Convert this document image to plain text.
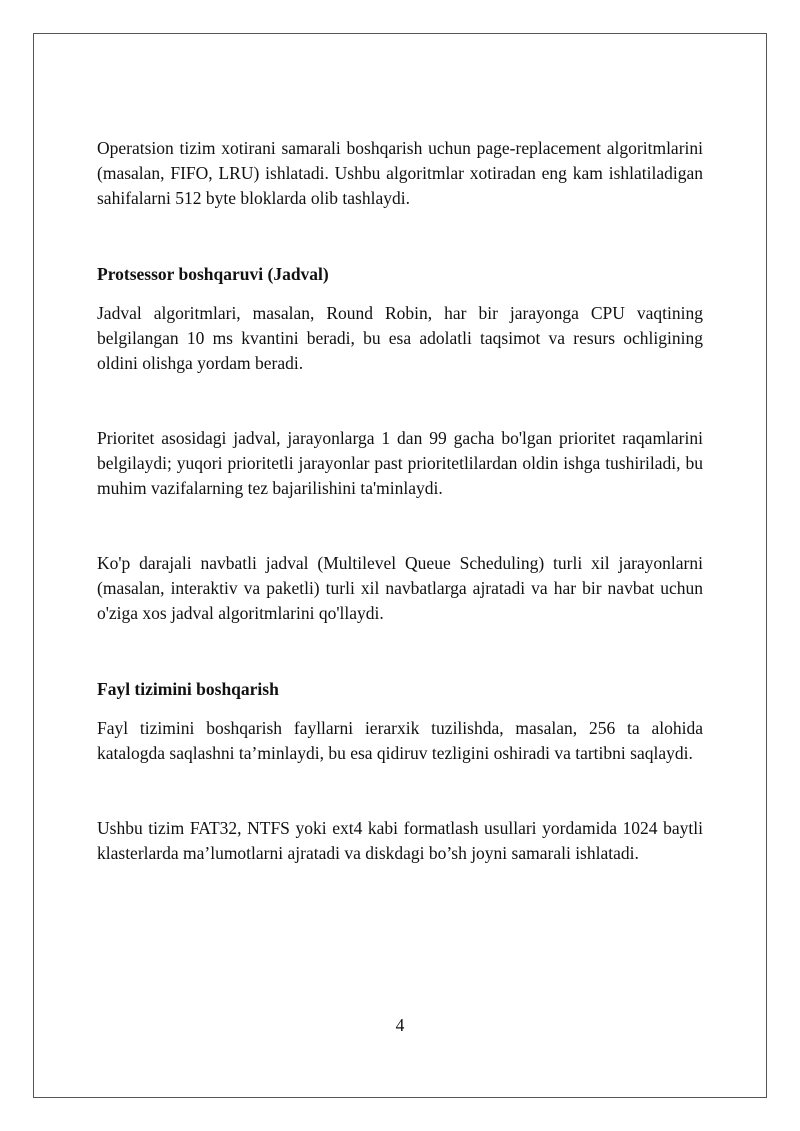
Operatsion tizim xotirani samarali boshqarish uchun page-replacement algoritmlarini (masalan, FIFO, LRU) ishlatadi. Ushbu algoritmlar xotiradan eng kam ishlatiladigan sahifalarni 512 byte bloklarda olib tashlaydi.

Protsessor boshqaruvi (Jadval)

Jadval algoritmlari, masalan, Round Robin, har bir jarayonga CPU vaqtining belgilangan 10 ms kvantini beradi, bu esa adolatli taqsimot va resurs ochligining oldini olishga yordam beradi.

Prioritet asosidagi jadval, jarayonlarga 1 dan 99 gacha bo'lgan prioritet raqamlarini belgilaydi; yuqori prioritetli jarayonlar past prioritetlilardan oldin ishga tushiriladi, bu muhim vazifalarning tez bajarilishini ta'minlaydi.

Ko'p darajali navbatli jadval (Multilevel Queue Scheduling) turli xil jarayonlarni (masalan, interaktiv va paketli) turli xil navbatlarga ajratadi va har bir navbat uchun o'ziga xos jadval algoritmlarini qo'llaydi.

Fayl tizimini boshqarish

Fayl tizimini boshqarish fayllarni ierarxik tuzilishda, masalan, 256 ta alohida katalogda saqlashni ta’minlaydi, bu esa qidiruv tezligini oshiradi va tartibni saqlaydi.

Ushbu tizim FAT32, NTFS yoki ext4 kabi formatlash usullari yordamida 1024 baytli klasterlarda ma’lumotlarni ajratadi va diskdagi bo’sh joyni samarali ishlatadi.

4
